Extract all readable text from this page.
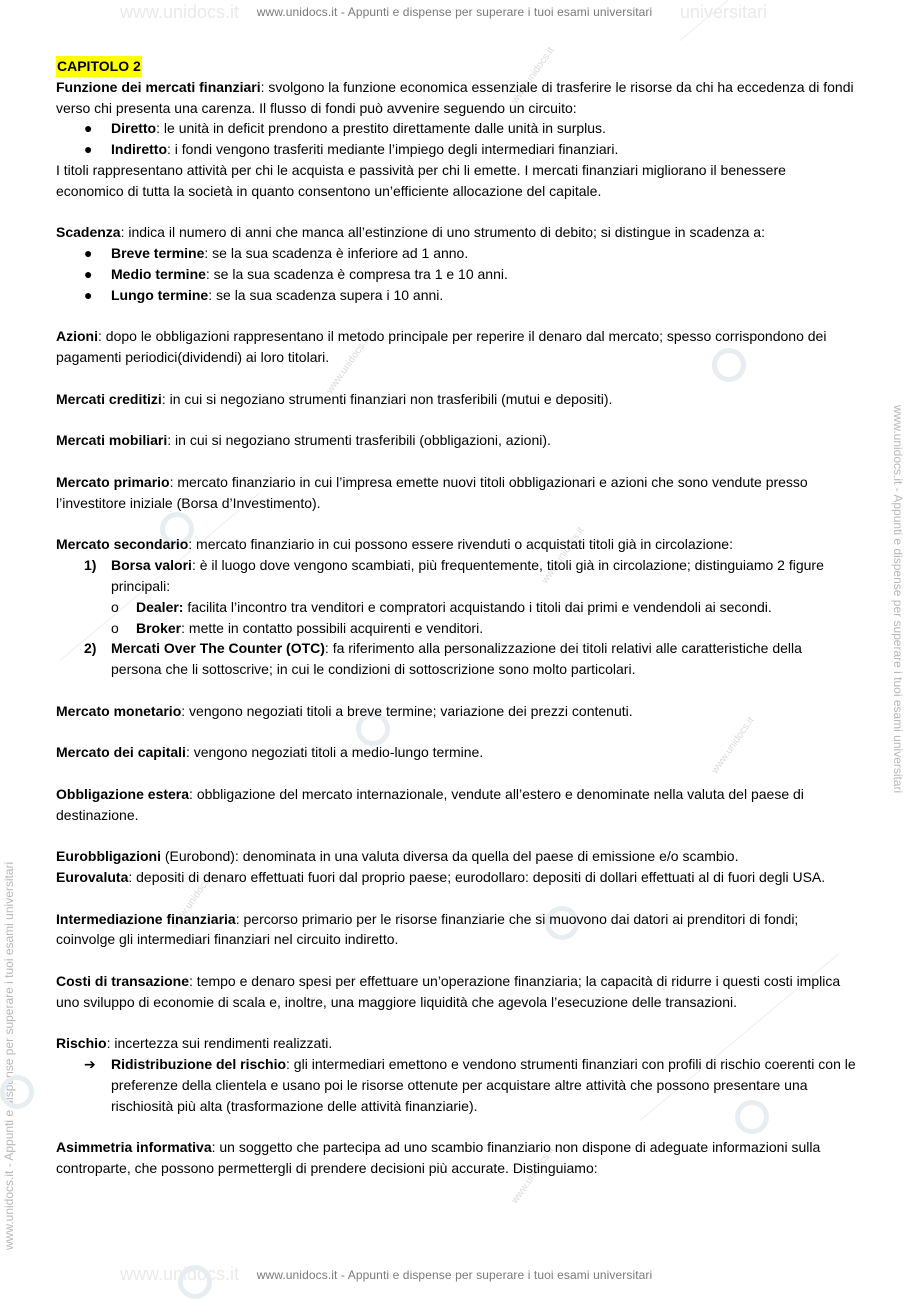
www.unidocs.it	universitari
www.unidocs.it
www.unidocs.it - Appunti e dispense per superare i tuoi esami universitari
www.unidocs.it - Appunti e dispense per superare i tuoi esami universitari
www.unidocs.it - Appunti e dispense per superare i tuoi esami universitari
www.unidocs.it - Appunti e dispense per superare i tuoi esami universitari
www.unidocs.it
www.unidocs.it
www.unidocs.it
www.unidocs.it
www.unidocs.it
www.unidocs.it

CAPITOLO 2

Funzione dei mercati finanziari: svolgono la funzione economica essenziale di trasferire le risorse da chi ha eccedenza di fondi verso chi presenta una carenza. Il flusso di fondi può avvenire seguendo un circuito:

● Diretto: le unità in deficit prendono a prestito direttamente dalle unità in surplus.
● Indiretto: i fondi vengono trasferiti mediante l’impiego degli intermediari finanziari.

I titoli rappresentano attività per chi le acquista e passività per chi li emette. I mercati finanziari migliorano il benessere economico di tutta la società in quanto consentono un’efficiente allocazione del capitale.

Scadenza: indica il numero di anni che manca all’estinzione di uno strumento di debito; si distingue in scadenza a:

● Breve termine: se la sua scadenza è inferiore ad 1 anno.
● Medio termine: se la sua scadenza è compresa tra 1 e 10 anni.
● Lungo termine: se la sua scadenza supera i 10 anni.

Azioni: dopo le obbligazioni rappresentano il metodo principale per reperire il denaro dal mercato; spesso corrispondono dei pagamenti periodici(dividendi) ai loro titolari.

Mercati creditizi: in cui si negoziano strumenti finanziari non trasferibili (mutui e depositi).

Mercati mobiliari: in cui si negoziano strumenti trasferibili (obbligazioni, azioni).

Mercato primario: mercato finanziario in cui l’impresa emette nuovi titoli obbligazionari e azioni che sono vendute presso l’investitore iniziale (Borsa d’Investimento).

Mercato secondario: mercato finanziario in cui possono essere rivenduti o acquistati titoli già in circolazione:

1) Borsa valori: è il luogo dove vengono scambiati, più frequentemente, titoli già in circolazione; distinguiamo 2 figure principali:
o Dealer: facilita l’incontro tra venditori e compratori acquistando i titoli dai primi e vendendoli ai secondi.
o Broker: mette in contatto possibili acquirenti e venditori.
2) Mercati Over The Counter (OTC): fa riferimento alla personalizzazione dei titoli relativi alle caratteristiche della persona che li sottoscrive; in cui le condizioni di sottoscrizione sono molto particolari.

Mercato monetario: vengono negoziati titoli a breve termine; variazione dei prezzi contenuti.

Mercato dei capitali: vengono negoziati titoli a medio-lungo termine.

Obbligazione estera: obbligazione del mercato internazionale, vendute all’estero e denominate nella valuta del paese di destinazione.

Eurobbligazioni (Eurobond): denominata in una valuta diversa da quella del paese di emissione e/o scambio.

Eurovaluta: depositi di denaro effettuati fuori dal proprio paese; eurodollaro: depositi di dollari effettuati al di fuori degli USA.

Intermediazione finanziaria: percorso primario per le risorse finanziarie che si muovono dai datori ai prenditori di fondi; coinvolge gli intermediari finanziari nel circuito indiretto.

Costi di transazione: tempo e denaro spesi per effettuare un’operazione finanziaria; la capacità di ridurre i questi costi implica uno sviluppo di economie di scala e, inoltre, una maggiore liquidità che agevola l’esecuzione delle transazioni.

Rischio: incertezza sui rendimenti realizzati.

➔ Ridistribuzione del rischio: gli intermediari emettono e vendono strumenti finanziari con profili di rischio coerenti con le preferenze della clientela e usano poi le risorse ottenute per acquistare altre attività che possono presentare una rischiosità più alta (trasformazione delle attività finanziarie).

Asimmetria informativa: un soggetto che partecipa ad uno scambio finanziario non dispone di adeguate informazioni sulla controparte, che possono permettergli di prendere decisioni più accurate. Distinguiamo:
